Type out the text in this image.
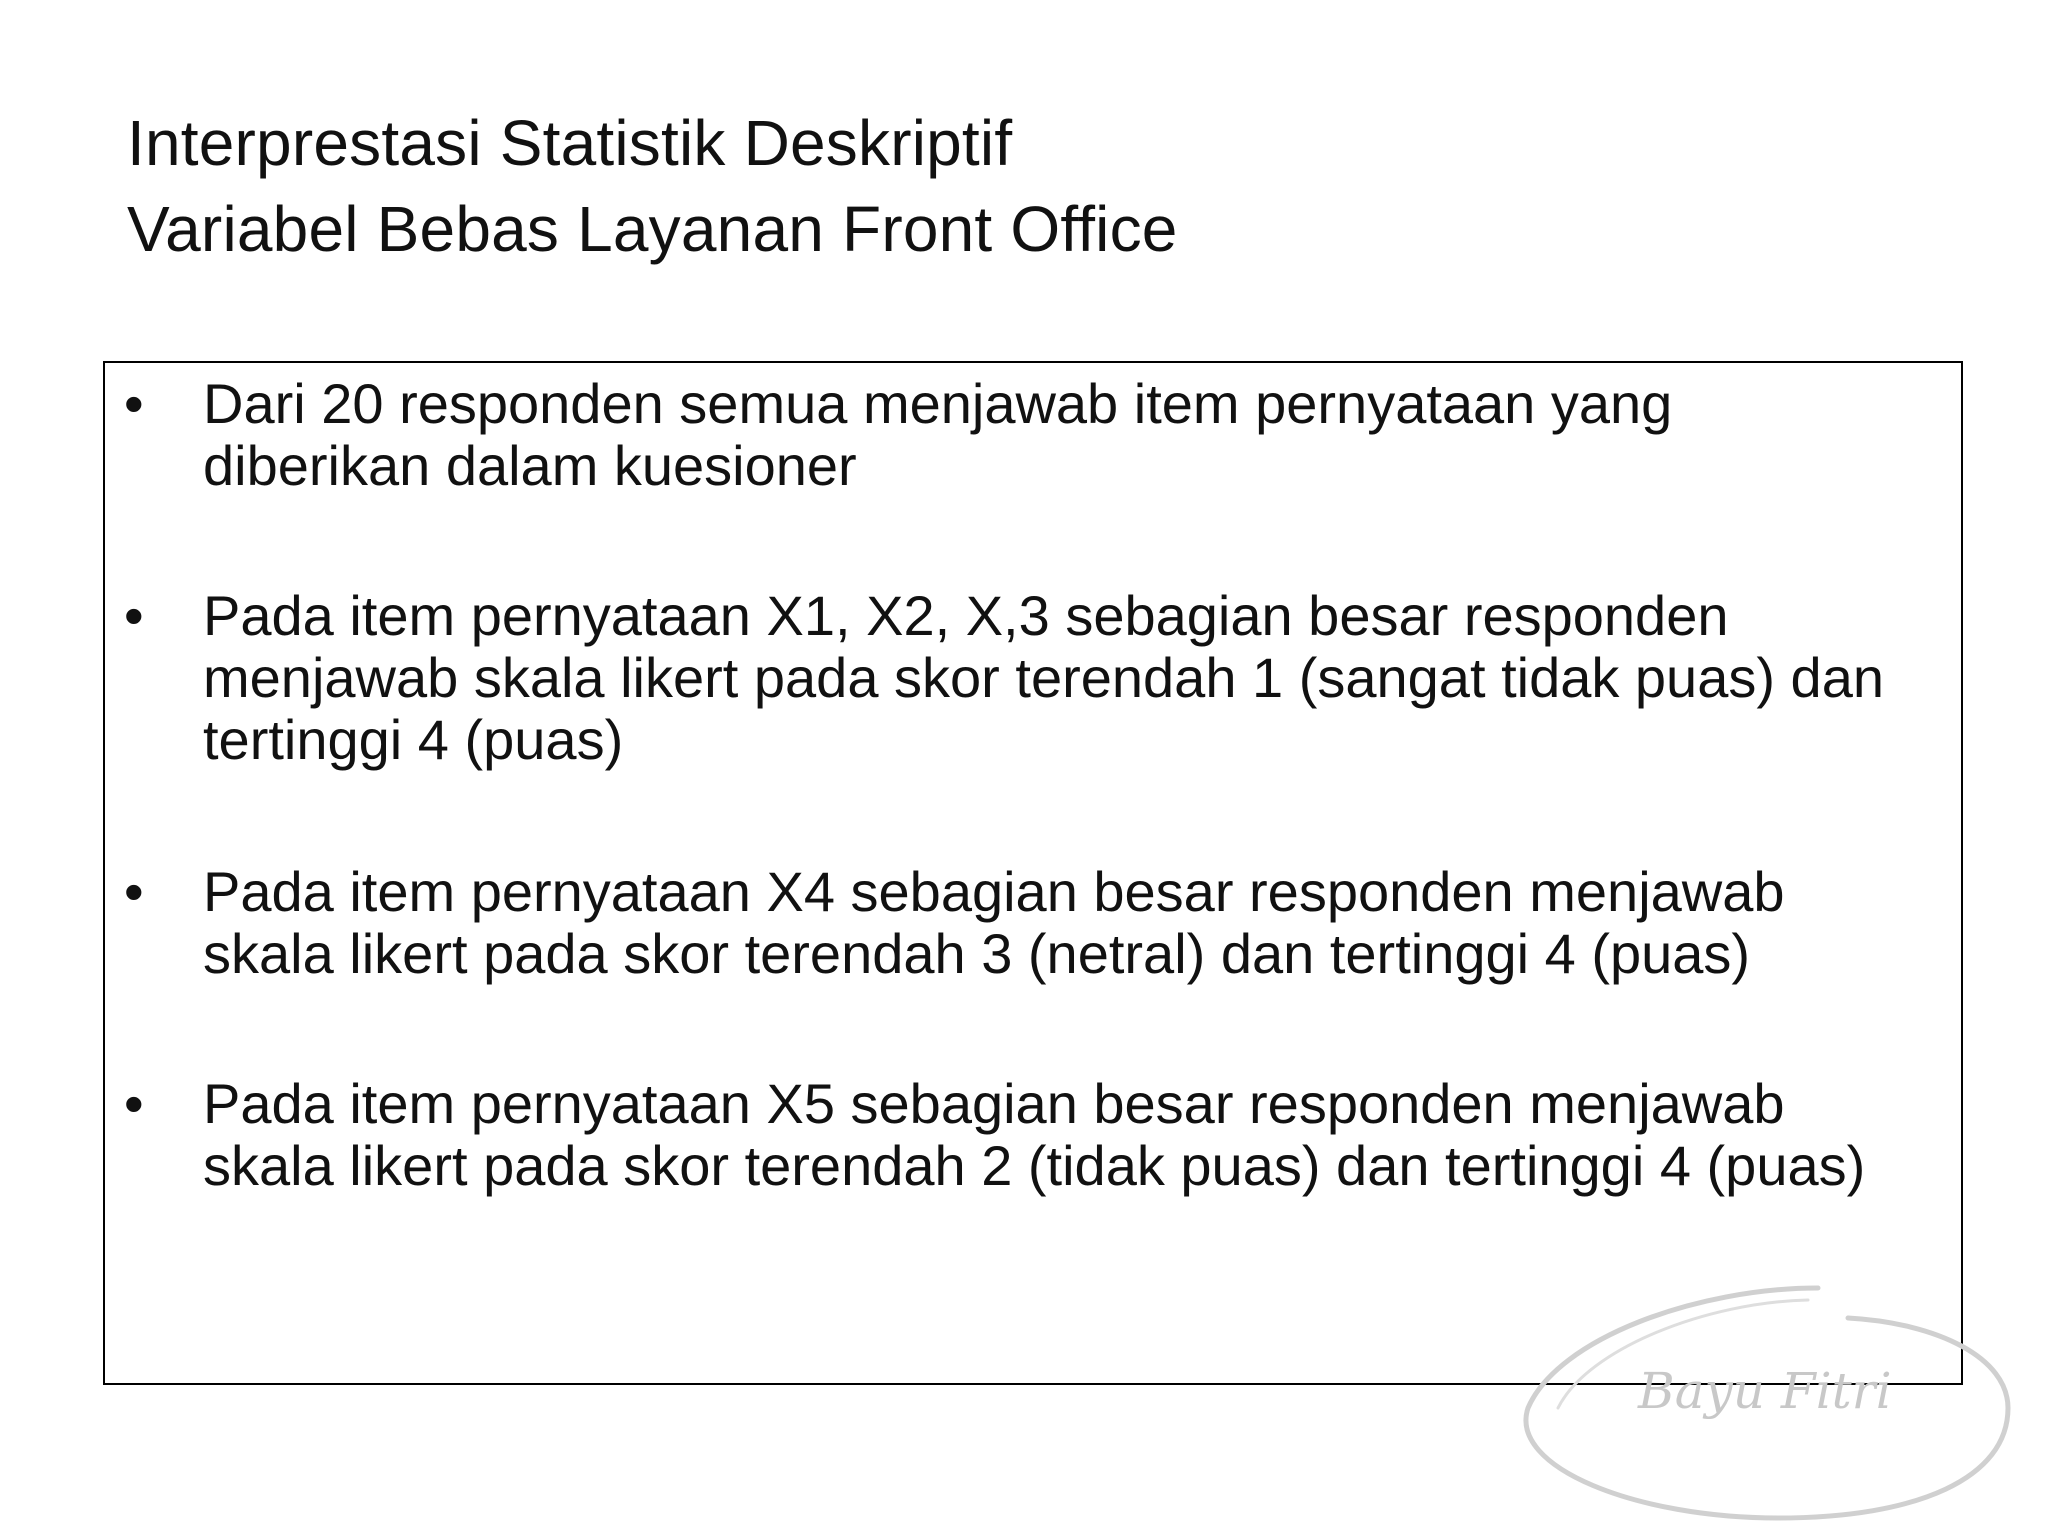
Interprestasi Statistik Deskriptif
Variabel Bebas Layanan Front Office
• Dari 20 responden semua menjawab item pernyataan yang
diberikan dalam kuesioner
• Pada item pernyataan X1, X2, X,3 sebagian besar responden
menjawab skala likert pada skor terendah 1 (sangat tidak puas) dan
tertinggi 4 (puas)
• Pada item pernyataan X4 sebagian besar responden menjawab
skala likert pada skor terendah 3 (netral) dan tertinggi 4 (puas)
• Pada item pernyataan X5 sebagian besar responden menjawab
skala likert pada skor terendah 2 (tidak puas) dan tertinggi 4 (puas)
Bayu Fitri
